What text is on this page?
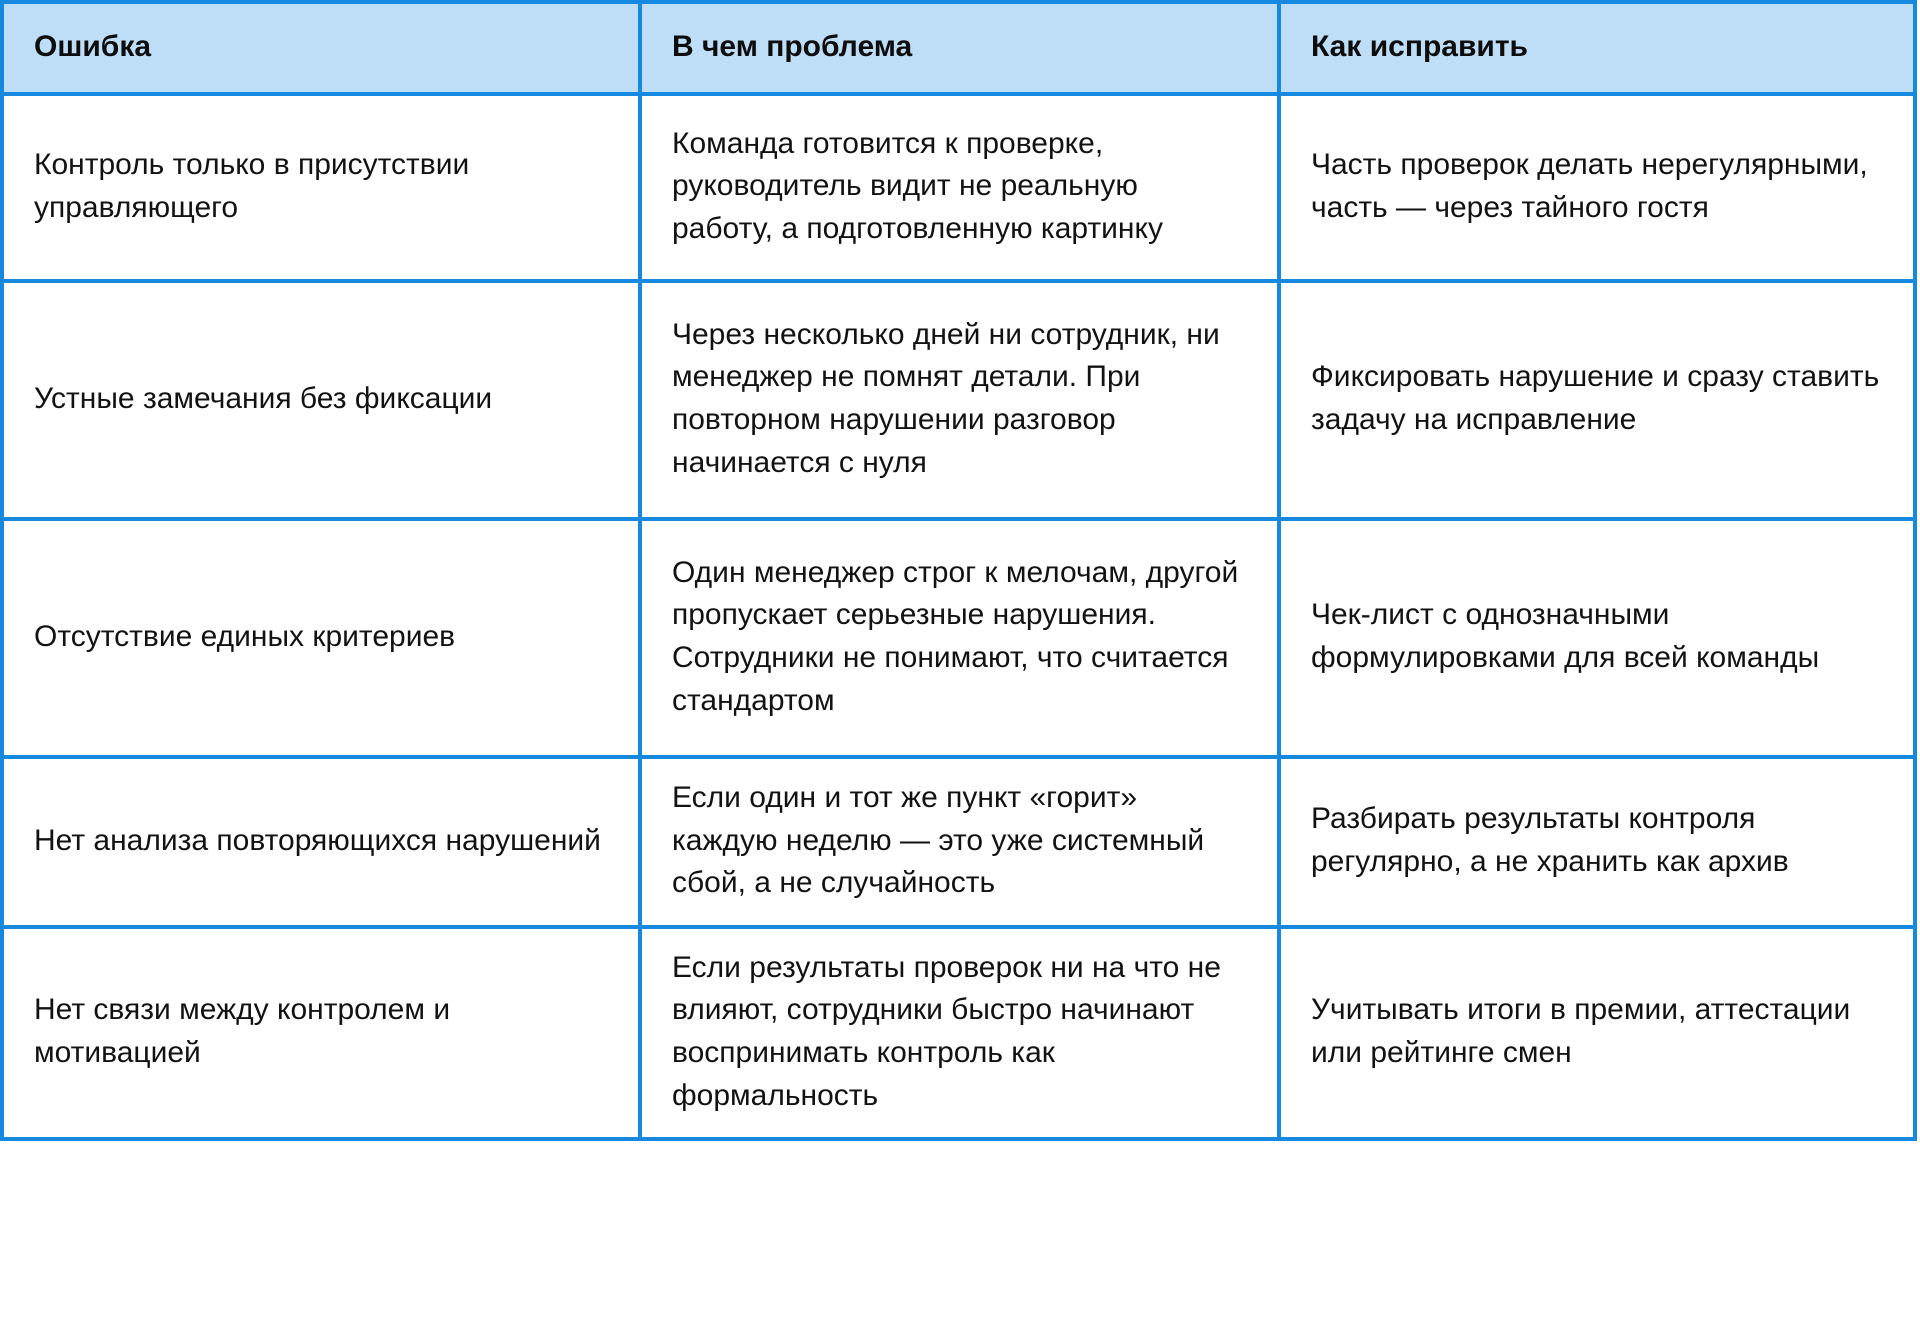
Ошибка	В чем проблема	Как исправить
Контроль только в присутствии управляющего	Команда готовится к проверке, руководитель видит не реальную работу, а подготовленную картинку	Часть проверок делать нерегулярными, часть — через тайного гостя
Устные замечания без фиксации	Через несколько дней ни сотрудник, ни менеджер не помнят детали. При повторном нарушении разговор начинается с нуля	Фиксировать нарушение и сразу ставить задачу на исправление
Отсутствие единых критериев	Один менеджер строг к мелочам, другой пропускает серьезные нарушения. Сотрудники не понимают, что считается стандартом	Чек-лист с однозначными формулировками для всей команды
Нет анализа повторяющихся нарушений	Если один и тот же пункт «горит» каждую неделю — это уже системный сбой, а не случайность	Разбирать результаты контроля регулярно, а не хранить как архив
Нет связи между контролем и мотивацией	Если результаты проверок ни на что не влияют, сотрудники быстро начинают воспринимать контроль как формальность	Учитывать итоги в премии, аттестации или рейтинге смен
